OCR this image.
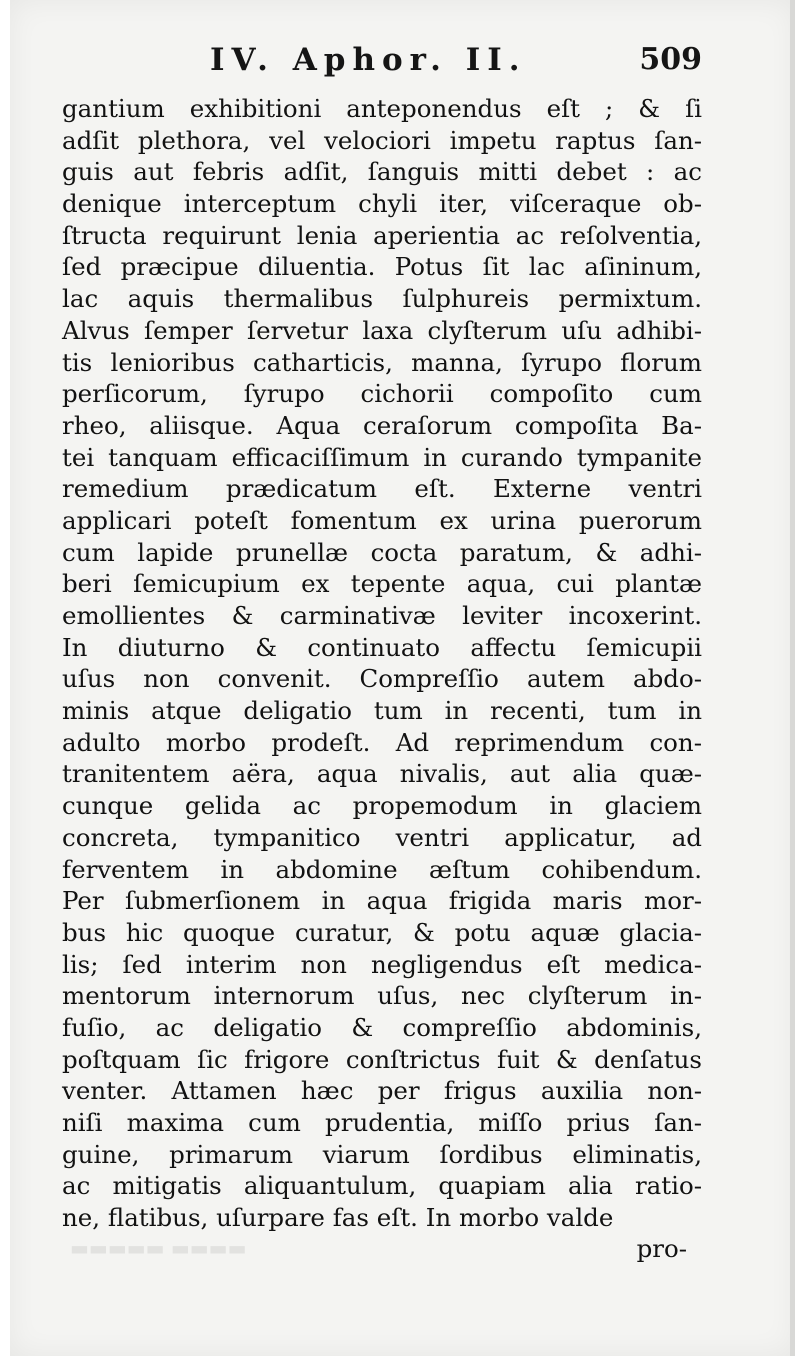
IV. Aphor. II.	509
gantium exhibitioni anteponendus eſt ; & ſi
adſit plethora, vel velociori impetu raptus ſan-
guis aut febris adſit, ſanguis mitti debet : ac
denique interceptum chyli iter, viſceraque ob-
ſtructa requirunt lenia aperientia ac reſolventia,
ſed præcipue diluentia. Potus ſit lac aſininum,
lac aquis thermalibus ſulphureis permixtum.
Alvus ſemper ſervetur laxa clyſterum uſu adhibi-
tis lenioribus catharticis, manna, ſyrupo florum
perſicorum, ſyrupo cichorii compoſito cum
rheo, aliisque. Aqua ceraſorum compoſita Ba-
tei tanquam efficaciſſimum in curando tympanite
remedium prædicatum eſt. Externe ventri
applicari poteſt fomentum ex urina puerorum
cum lapide prunellæ cocta paratum, & adhi-
beri ſemicupium ex tepente aqua, cui plantæ
emollientes & carminativæ leviter incoxerint.
In diuturno & continuato affectu ſemicupii
uſus non convenit. Compreſſio autem abdo-
minis atque deligatio tum in recenti, tum in
adulto morbo prodeſt. Ad reprimendum con-
tranitentem aëra, aqua nivalis, aut alia quæ-
cunque gelida ac propemodum in glaciem
concreta, tympanitico ventri applicatur, ad
ferventem in abdomine æſtum cohibendum.
Per ſubmerſionem in aqua frigida maris mor-
bus hic quoque curatur, & potu aquæ glacia-
lis; ſed interim non negligendus eſt medica-
mentorum internorum uſus, nec clyſterum in-
fuſio, ac deligatio & compreſſio abdominis,
poſtquam ſic frigore conſtrictus fuit & denſatus
venter. Attamen hæc per frigus auxilia non-
niſi maxima cum prudentia, miſſo prius ſan-
guine, primarum viarum ſordibus eliminatis,
ac mitigatis aliquantulum, quapiam alia ratio-
ne, flatibus, uſurpare fas eſt. In morbo valde
▬▬▬▬ ▬▬▬▬▬	pro-
